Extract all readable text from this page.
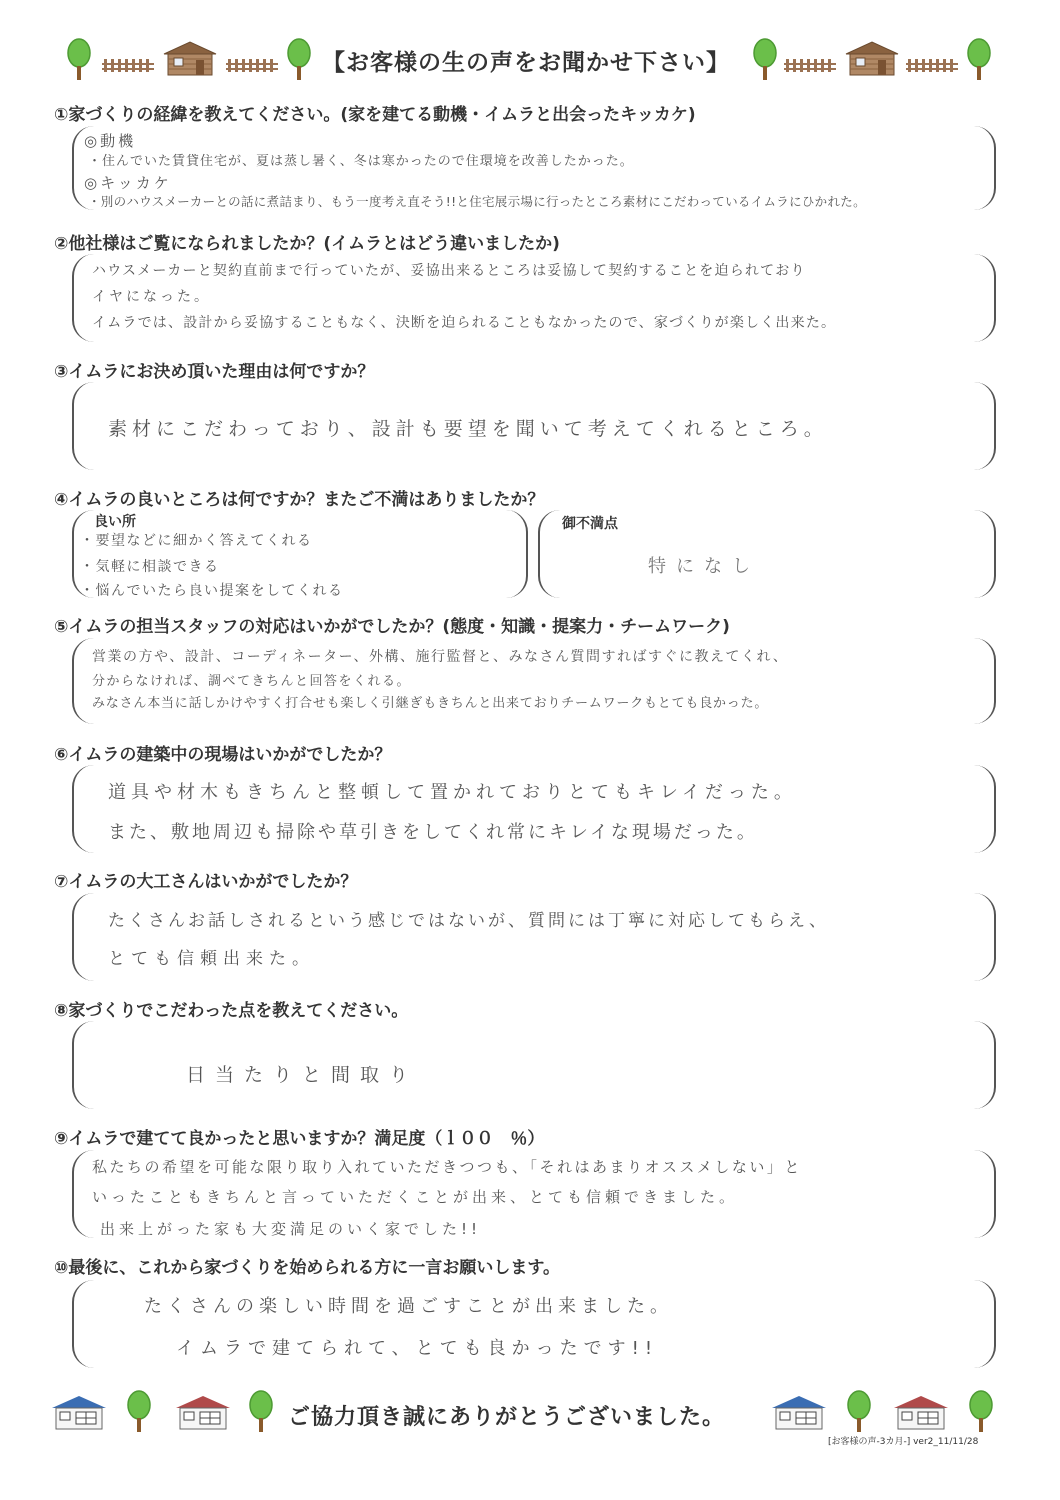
【お客様の生の声をお聞かせ下さい】
①家づくりの経緯を教えてください。(家を建てる動機・イムラと出会ったキッカケ)
◎動機
・住んでいた賃貸住宅が、夏は蒸し暑く、冬は寒かったので住環境を改善したかった。
◎キッカケ
・別のハウスメーカーとの話に煮詰まり、もう一度考え直そう!!と住宅展示場に行ったところ素材にこだわっているイムラにひかれた。
②他社様はご覧になられましたか？(イムラとはどう違いましたか)
ハウスメーカーと契約直前まで行っていたが、妥協出来るところは妥協して契約することを迫られており
イヤになった。
イムラでは、設計から妥協することもなく、決断を迫られることもなかったので、家づくりが楽しく出来た。
③イムラにお決め頂いた理由は何ですか？
素材にこだわっており、設計も要望を聞いて考えてくれるところ。
④イムラの良いところは何ですか？またご不満はありましたか？
良い所
・要望などに細かく答えてくれる
・気軽に相談できる
・悩んでいたら良い提案をしてくれる
御不満点
特になし
⑤イムラの担当スタッフの対応はいかがでしたか？(態度・知識・提案力・チームワーク)
営業の方や、設計、コーディネーター、外構、施行監督と、みなさん質問すればすぐに教えてくれ、
分からなければ、調べてきちんと回答をくれる。
みなさん本当に話しかけやすく打合せも楽しく引継ぎもきちんと出来ておりチームワークもとても良かった。
⑥イムラの建築中の現場はいかがでしたか？
道具や材木もきちんと整頓して置かれておりとてもキレイだった。
また、敷地周辺も掃除や草引きをしてくれ常にキレイな現場だった。
⑦イムラの大工さんはいかがでしたか？
たくさんお話しされるという感じではないが、質問には丁寧に対応してもらえ、
とても信頼出来た。
⑧家づくりでこだわった点を教えてください。
日当たりと間取り
⑨イムラで建てて良かったと思いますか？満足度（ｌ００　％）
私たちの希望を可能な限り取り入れていただきつつも、「それはあまりオススメしない」と
いったこともきちんと言っていただくことが出来、とても信頼できました。
出来上がった家も大変満足のいく家でした!!
⑩最後に、これから家づくりを始められる方に一言お願いします。
たくさんの楽しい時間を過ごすことが出来ました。
イムラで建てられて、とても良かったです!!
ご協力頂き誠にありがとうございました。
[お客様の声-3カ月-] ver2_11/11/28
